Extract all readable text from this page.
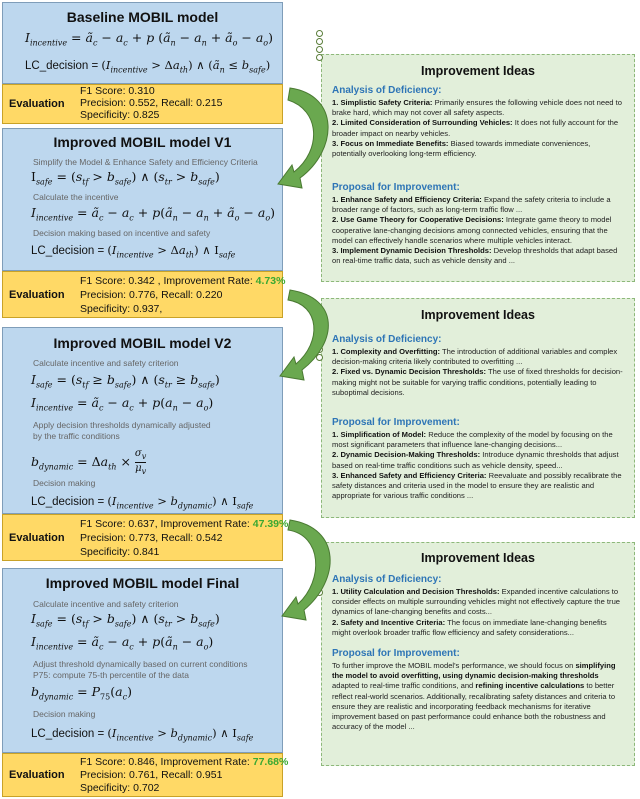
Baseline MOBIL model
$I_{incentive}$ = $ã_c - a_c + p$ ($ã_n - a_n$ + $ã_o - a_o$)
LC_decision = $(I_{incentive} > \Delta a_{th})$ ∧ $(ã_n \le b_{safe})$
Evaluation
F1 Score: 0.310
Precision: 0.552, Recall: 0.215
Specificity: 0.825
Improved MOBIL model V1
Simplify the Model & Enhance Safety and Efficiency Criteria
$I_{safe} = (s_{tf} > b_{safe})$ ∧ $(s_{tr} > b_{safe})$
Calculate the incentive
$I_{incentive}$ = $ã_c - a_c$ + $p(ã_n - a_n$ + $ã_o - a_o$)
Decision making based on incentive and safety
LC_decision = $(I_{incentive} > \Delta a_{th})$ ∧ $I_{safe}$
Evaluation
F1 Score: 0.342 , Improvement Rate: 4.73%
Precision: 0.776, Recall: 0.220
Specificity: 0.937,
Improved MOBIL model V2
Calculate incentive and safety criterion
$I_{safe} = (s_{tf} \ge b_{safe})$ ∧ $(s_{tr} \ge b_{safe})$
$I_{incentive}$ = $ã_c - a_c + p(a_n - a_o)$
Apply decision thresholds dynamically adjusted
by the traffic conditions
$b_{dynamic} = \Delta a_{th} \times \frac{\sigma_v}{\mu_v}$
Decision making
LC_decision = $(I_{incentive} > b_{dynamic})$ ∧ $I_{safe}$
Evaluation
F1 Score: 0.637, Improvement Rate: 47.39%
Precision: 0.773, Recall: 0.542
Specificity: 0.841
Improved MOBIL model Final
Calculate incentive and safety criterion
$I_{safe} = (s_{tf} > b_{safe})$ ∧ $(s_{tr} > b_{safe})$
$I_{incentive}$ = $ã_c - a_c$ + $p(ã_n - a_o)$
Adjust threshold dynamically based on current conditions
P75: compute 75-th percentile of the data
$b_{dynamic} = P_{75}(a_c)$
Decision making
LC_decision = $(I_{incentive} > b_{dynamic})$ ∧ $I_{safe}$
Evaluation
F1 Score: 0.846, Improvement Rate: 77.68%
Precision: 0.761, Recall: 0.951
Specificity: 0.702
Improvement Ideas
Analysis of Deficiency:
1. Simplistic Safety Criteria: Primarily ensures the following vehicle does not need to brake hard, which may not cover all safety aspects.
2. Limited Consideration of Surrounding Vehicles: It does not fully account for the broader impact on nearby vehicles.
3. Focus on Immediate Benefits: Biased towards immediate conveniences, potentially overlooking long-term efficiency.
Proposal for Improvement:
1. Enhance Safety and Efficiency Criteria: Expand the safety criteria to include a broader range of factors, such as long-term traffic flow ...
2. Use Game Theory for Cooperative Decisions: Integrate game theory to model cooperative lane-changing decisions among connected vehicles, ensuring that the model can effectively handle scenarios where multiple vehicles interact.
3. Implement Dynamic Decision Thresholds: Develop thresholds that adapt based on real-time traffic data, such as vehicle density and ...
Improvement Ideas
Analysis of Deficiency:
1. Complexity and Overfitting: The introduction of additional variables and complex decision-making criteria likely contributed to overfitting ...
2. Fixed vs. Dynamic Decision Thresholds: The use of fixed thresholds for decision-making might not be suitable for varying traffic conditions, potentially leading to suboptimal decisions.
Proposal for Improvement:
1. Simplification of Model: Reduce the complexity of the model by focusing on the most significant parameters that influence lane-changing decisions...
2. Dynamic Decision-Making Thresholds: Introduce dynamic thresholds that adjust based on real-time traffic conditions such as vehicle density, speed...
3. Enhanced Safety and Efficiency Criteria: Reevaluate and possibly recalibrate the safety distances and criteria used in the model to ensure they are realistic and appropriate for various traffic conditions ...
Improvement Ideas
Analysis of Deficiency:
1. Utility Calculation and Decision Thresholds: Expanded incentive calculations to consider effects on multiple surrounding vehicles might not effectively capture the true dynamics of lane-changing benefits and costs...
2. Safety and Incentive Criteria: The focus on immediate lane-changing benefits might overlook broader traffic flow efficiency and safety considerations...
Proposal for Improvement:
To further improve the MOBIL model's performance, we should focus on simplifying the model to avoid overfitting, using dynamic decision-making thresholds adapted to real-time traffic conditions, and refining incentive calculations to better reflect real-world scenarios. Additionally, recalibrating safety distances and criteria to ensure they are realistic and incorporating feedback mechanisms for iterative improvement based on past performance could enhance both the robustness and accuracy of the model ...
